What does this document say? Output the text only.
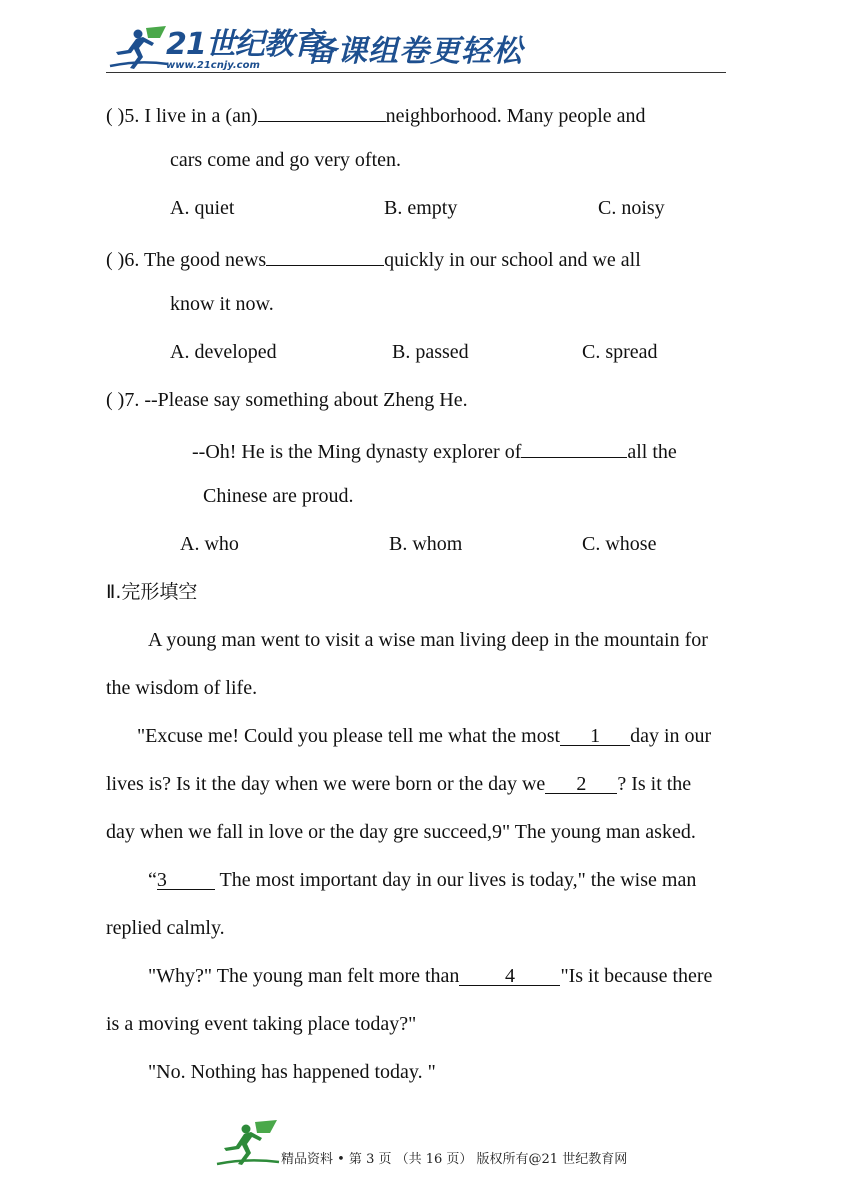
21世纪教育
www.21cnjy.com 备课组卷更轻松
( )5. I live in a (an)	neighborhood. Many people and
cars come and go very often.
A. quiet	B. empty	C. noisy
( )6. The good news	quickly in our school and we all
know it now.
A. developed	B. passed	C. spread
( )7. --Please say something about Zheng He.
--Oh! He is the Ming dynasty explorer of	all the
Chinese are proud.
A. who	B. whom	C. whose
Ⅱ.完形填空
A young man went to visit a wise man living deep in the mountain for
the wisdom of life.
"Excuse me! Could you please tell me what the most 1 day in our
lives is? Is it the day when we were born or the day we 2 ? Is it the
day when we fall in love or the day gre succeed,9" The young man asked.
“3 The most important day in our lives is today," the wise man
replied calmly.
"Why?" The young man felt more than 4 "Is it because there
is a moving event taking place today?"
"No. Nothing has happened today. "
精品资料 • 第 3 页 （共 16 页） 版权所有@21 世纪教育网
